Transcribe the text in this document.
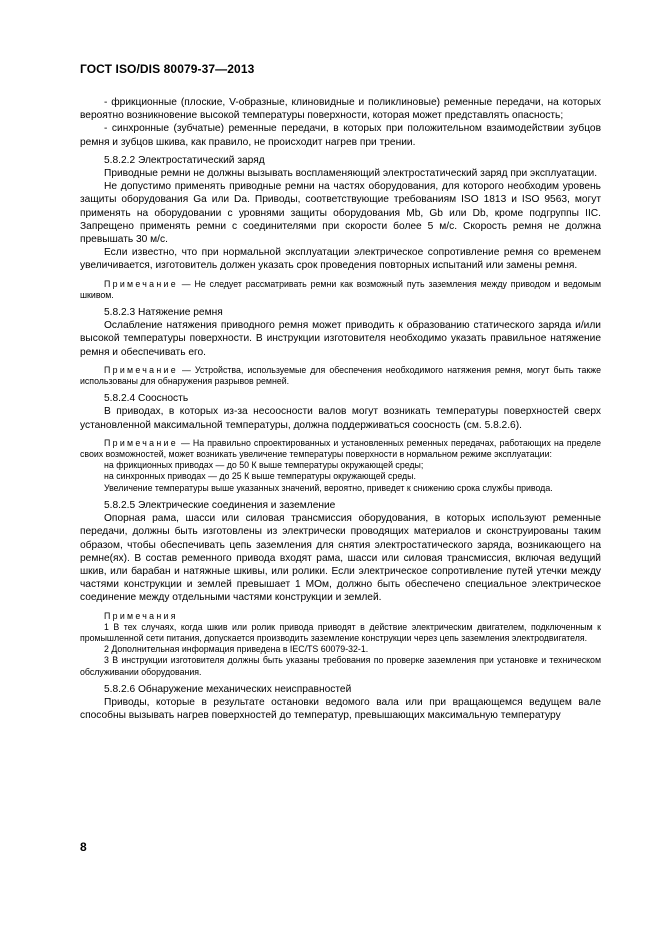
ГОСТ ISO/DIS 80079-37—2013

- фрикционные (плоские, V-образные, клиновидные и поликлиновые) ременные передачи, на которых вероятно возникновение высокой температуры поверхности, которая может представлять опасность;

- синхронные (зубчатые) ременные передачи, в которых при положительном взаимодействии зубцов ремня и зубцов шкива, как правило, не происходит нагрев при трении.

5.8.2.2 Электростатический заряд

Приводные ремни не должны вызывать воспламеняющий электростатический заряд при эксплуатации.

Не допустимо применять приводные ремни на частях оборудования, для которого необходим уровень защиты оборудования Ga или Da. Приводы, соответствующие требованиям ISO 1813 и ISO 9563, могут применять на оборудовании с уровнями защиты оборудования Mb, Gb или Db, кроме подгруппы IIC. Запрещено применять ремни с соединителями при скорости более 5 м/с. Скорость ремня не должна превышать 30 м/с.

Если известно, что при нормальной эксплуатации электрическое сопротивление ремня со временем увеличивается, изготовитель должен указать срок проведения повторных испытаний или замены ремня.

Примечание — Не следует рассматривать ремни как возможный путь заземления между приводом и ведомым шкивом.

5.8.2.3 Натяжение ремня

Ослабление натяжения приводного ремня может приводить к образованию статического заряда и/или высокой температуры поверхности. В инструкции изготовителя необходимо указать правильное натяжение ремня и обеспечивать его.

Примечание — Устройства, используемые для обеспечения необходимого натяжения ремня, могут быть также использованы для обнаружения разрывов ремней.

5.8.2.4 Соосность

В приводах, в которых из-за несоосности валов могут возникать температуры поверхностей сверх установленной максимальной температуры, должна поддерживаться соосность (см. 5.8.2.6).

Примечание — На правильно спроектированных и установленных ременных передачах, работающих на пределе своих возможностей, может возникать увеличение температуры поверхности в нормальном режиме эксплуатации:

на фрикционных приводах — до 50 К выше температуры окружающей среды;

на синхронных приводах — до 25 К выше температуры окружающей среды.

Увеличение температуры выше указанных значений, вероятно, приведет к снижению срока службы привода.

5.8.2.5 Электрические соединения и заземление

Опорная рама, шасси или силовая трансмиссия оборудования, в которых используют ременные передачи, должны быть изготовлены из электрически проводящих материалов и сконструированы таким образом, чтобы обеспечивать цепь заземления для снятия электростатического заряда, возникающего на ремне(ях). В состав ременного привода входят рама, шасси или силовая трансмиссия, включая ведущий шкив, или барабан и натяжные шкивы, или ролики. Если электрическое сопротивление путей утечки между частями конструкции и землей превышает 1 МОм, должно быть обеспечено специальное электрическое соединение между отдельными частями конструкции и землей.

Примечания

1 В тех случаях, когда шкив или ролик привода приводят в действие электрическим двигателем, подключенным к промышленной сети питания, допускается производить заземление конструкции через цепь заземления электродвигателя.

2 Дополнительная информация приведена в IEC/TS 60079-32-1.

3 В инструкции изготовителя должны быть указаны требования по проверке заземления при установке и техническом обслуживании оборудования.

5.8.2.6 Обнаружение механических неисправностей

Приводы, которые в результате остановки ведомого вала или при вращающемся ведущем вале способны вызывать нагрев поверхностей до температур, превышающих максимальную температуру

8
